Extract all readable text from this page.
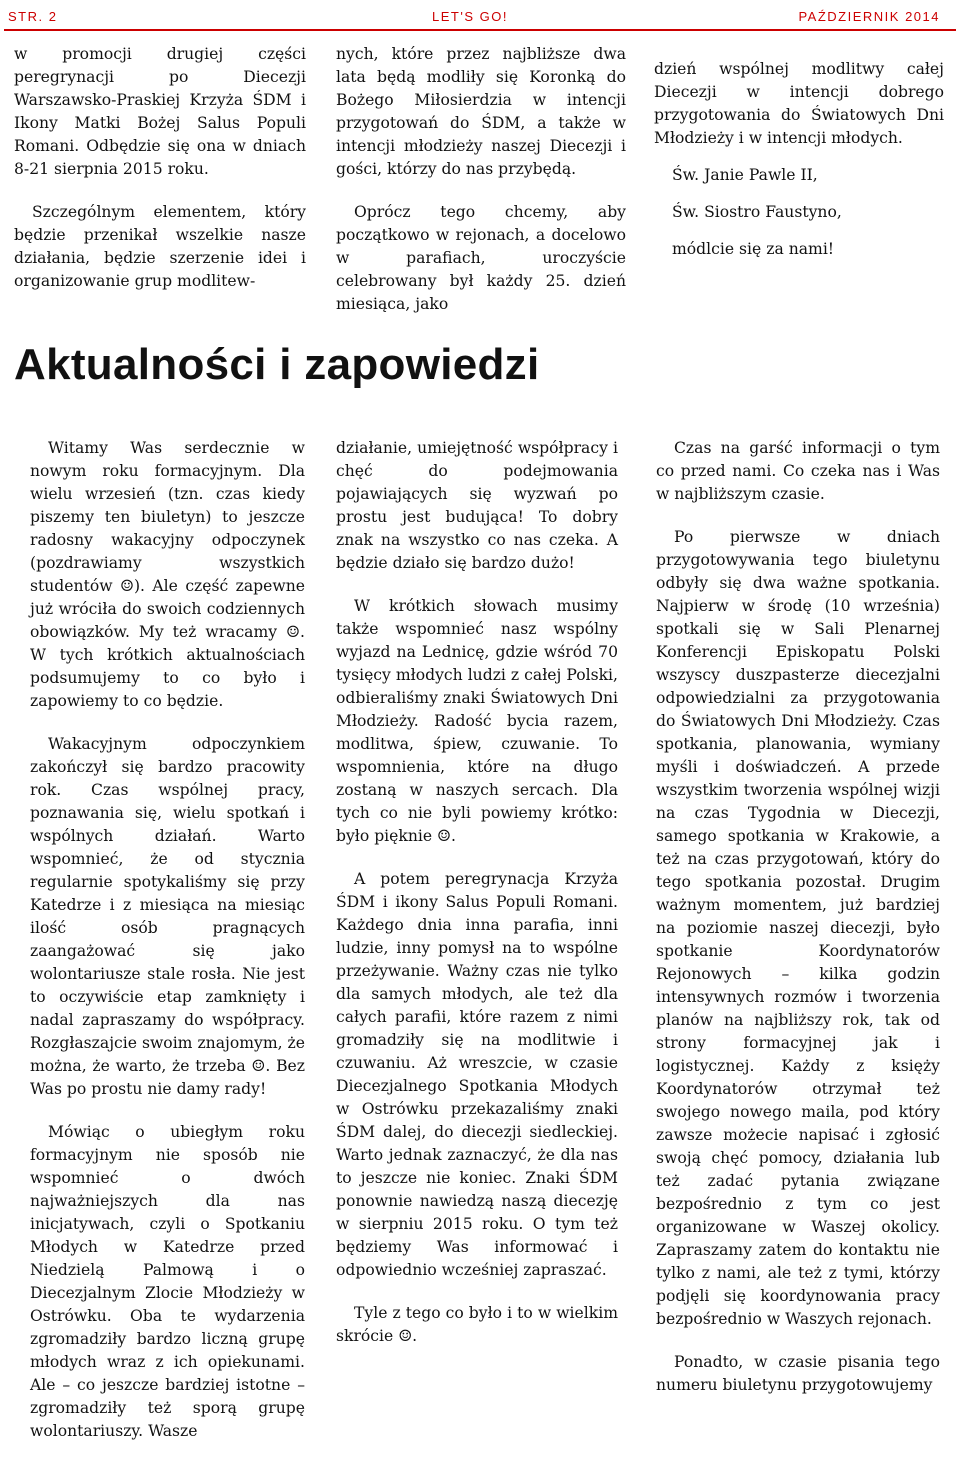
STR. 2	LET'S GO!	PAŹDZIERNIK 2014

w promocji drugiej części peregrynacji po Diecezji Warszawsko-Praskiej Krzyża ŚDM i Ikony Matki Bożej Salus Populi Romani. Odbędzie się ona w dniach 8-21 sierpnia 2015 roku.

Szczególnym elementem, który będzie przenikał wszelkie nasze działania, będzie szerzenie idei i organizowanie grup modlitew-

nych, które przez najbliższe dwa lata będą modliły się Koronką do Bożego Miłosierdzia w intencji przygotowań do ŚDM, a także w intencji młodzieży naszej Diecezji i gości, którzy do nas przybędą.

Oprócz tego chcemy, aby początkowo w rejonach, a docelowo w parafiach, uroczyście celebrowany był każdy 25. dzień miesiąca, jako

dzień wspólnej modlitwy całej Diecezji w intencji dobrego przygotowania do Światowych Dni Młodzieży i w intencji młodych.

Św. Janie Pawle II,

Św. Siostro Faustyno,

módlcie się za nami!

Aktualności i zapowiedzi

Witamy Was serdecznie w nowym roku formacyjnym. Dla wielu wrzesień (tzn. czas kiedy piszemy ten biuletyn) to jeszcze radosny wakacyjny odpoczynek (pozdrawiamy wszystkich studentów ☺). Ale część zapewne już wróciła do swoich codziennych obowiązków. My też wracamy ☺. W tych krótkich aktualnościach podsumujemy to co było i zapowiemy to co będzie.

Wakacyjnym odpoczynkiem zakończył się bardzo pracowity rok. Czas wspólnej pracy, poznawania się, wielu spotkań i wspólnych działań. Warto wspomnieć, że od stycznia regularnie spotykaliśmy się przy Katedrze i z miesiąca na miesiąc ilość osób pragnących zaangażować się jako wolontariusze stale rosła. Nie jest to oczywiście etap zamknięty i nadal zapraszamy do współpracy. Rozgłaszajcie swoim znajomym, że można, że warto, że trzeba ☺. Bez Was po prostu nie damy rady!

Mówiąc o ubiegłym roku formacyjnym nie sposób nie wspomnieć o dwóch najważniejszych dla nas inicjatywach, czyli o Spotkaniu Młodych w Katedrze przed Niedzielą Palmową i o Diecezjalnym Zlocie Młodzieży w Ostrówku. Oba te wydarzenia zgromadziły bardzo liczną grupę młodych wraz z ich opiekunami. Ale – co jeszcze bardziej istotne – zgromadziły też sporą grupę wolontariuszy. Wasze

działanie, umiejętność współpracy i chęć do podejmowania pojawiających się wyzwań po prostu jest budująca! To dobry znak na wszystko co nas czeka. A będzie działo się bardzo dużo!

W krótkich słowach musimy także wspomnieć nasz wspólny wyjazd na Lednicę, gdzie wśród 70 tysięcy młodych ludzi z całej Polski, odbieraliśmy znaki Światowych Dni Młodzieży. Radość bycia razem, modlitwa, śpiew, czuwanie. To wspomnienia, które na długo zostaną w naszych sercach. Dla tych co nie byli powiemy krótko: było pięknie ☺.

A potem peregrynacja Krzyża ŚDM i ikony Salus Populi Romani. Każdego dnia inna parafia, inni ludzie, inny pomysł na to wspólne przeżywanie. Ważny czas nie tylko dla samych młodych, ale też dla całych parafii, które razem z nimi gromadziły się na modlitwie i czuwaniu. Aż wreszcie, w czasie Diecezjalnego Spotkania Młodych w Ostrówku przekazaliśmy znaki ŚDM dalej, do diecezji siedleckiej. Warto jednak zaznaczyć, że dla nas to jeszcze nie koniec. Znaki ŚDM ponownie nawiedzą naszą diecezję w sierpniu 2015 roku. O tym też będziemy Was informować i odpowiednio wcześniej zapraszać.

Tyle z tego co było i to w wielkim skrócie ☺.

Czas na garść informacji o tym co przed nami. Co czeka nas i Was w najbliższym czasie.

Po pierwsze w dniach przygotowywania tego biuletynu odbyły się dwa ważne spotkania. Najpierw w środę (10 września) spotkali się w Sali Plenarnej Konferencji Episkopatu Polski wszyscy duszpasterze diecezjalni odpowiedzialni za przygotowania do Światowych Dni Młodzieży. Czas spotkania, planowania, wymiany myśli i doświadczeń. A przede wszystkim tworzenia wspólnej wizji na czas Tygodnia w Diecezji, samego spotkania w Krakowie, a też na czas przygotowań, który do tego spotkania pozostał. Drugim ważnym momentem, już bardziej na poziomie naszej diecezji, było spotkanie Koordynatorów Rejonowych – kilka godzin intensywnych rozmów i tworzenia planów na najbliższy rok, tak od strony formacyjnej jak i logistycznej. Każdy z księży Koordynatorów otrzymał też swojego nowego maila, pod który zawsze możecie napisać i zgłosić swoją chęć pomocy, działania lub też zadać pytania związane bezpośrednio z tym co jest organizowane w Waszej okolicy. Zapraszamy zatem do kontaktu nie tylko z nami, ale też z tymi, którzy podjęli się koordynowania pracy bezpośrednio w Waszych rejonach.

Ponadto, w czasie pisania tego numeru biuletynu przygotowujemy
